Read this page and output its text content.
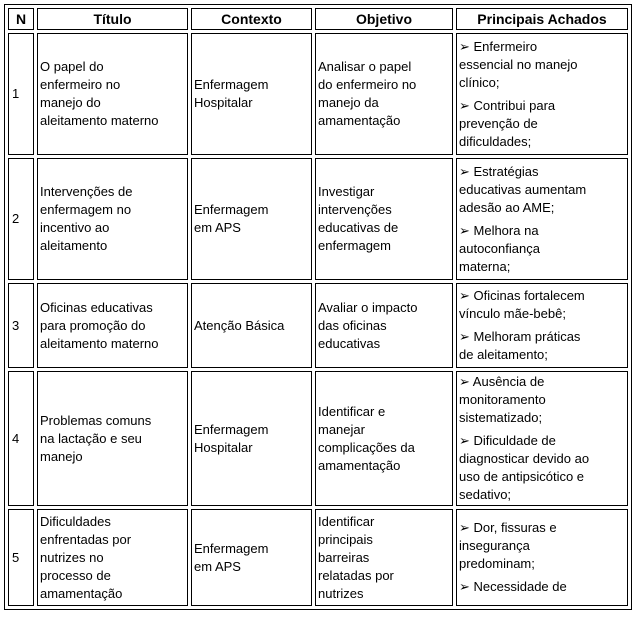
N	Título	Contexto	Objetivo	Principais Achados
1	O papel do enfermeiro no manejo do aleitamento materno	Enfermagem Hospitalar	Analisar o papel do enfermeiro no manejo da amamentação	➢ Enfermeiro essencial no manejo clínico;

➢ Contribui para prevenção de dificuldades;

2	Intervenções de enfermagem no incentivo ao aleitamento	Enfermagem em APS	Investigar intervenções educativas de enfermagem	➢ Estratégias educativas aumentam adesão ao AME;

➢ Melhora na autoconfiança materna;

3	Oficinas educativas para promoção do aleitamento materno	Atenção Básica	Avaliar o impacto das oficinas educativas	➢ Oficinas fortalecem vínculo mãe-bebê;

➢ Melhoram práticas de aleitamento;

4	Problemas comuns na lactação e seu manejo	Enfermagem Hospitalar	Identificar e manejar complicações da amamentação	➢ Ausência de monitoramento sistematizado;

➢ Dificuldade de diagnosticar devido ao uso de antipsicótico e sedativo;

5	Dificuldades enfrentadas por nutrizes no processo de amamentação	Enfermagem em APS	Identificar principais barreiras relatadas por nutrizes	➢ Dor, fissuras e insegurança predominam;

➢ Necessidade de
